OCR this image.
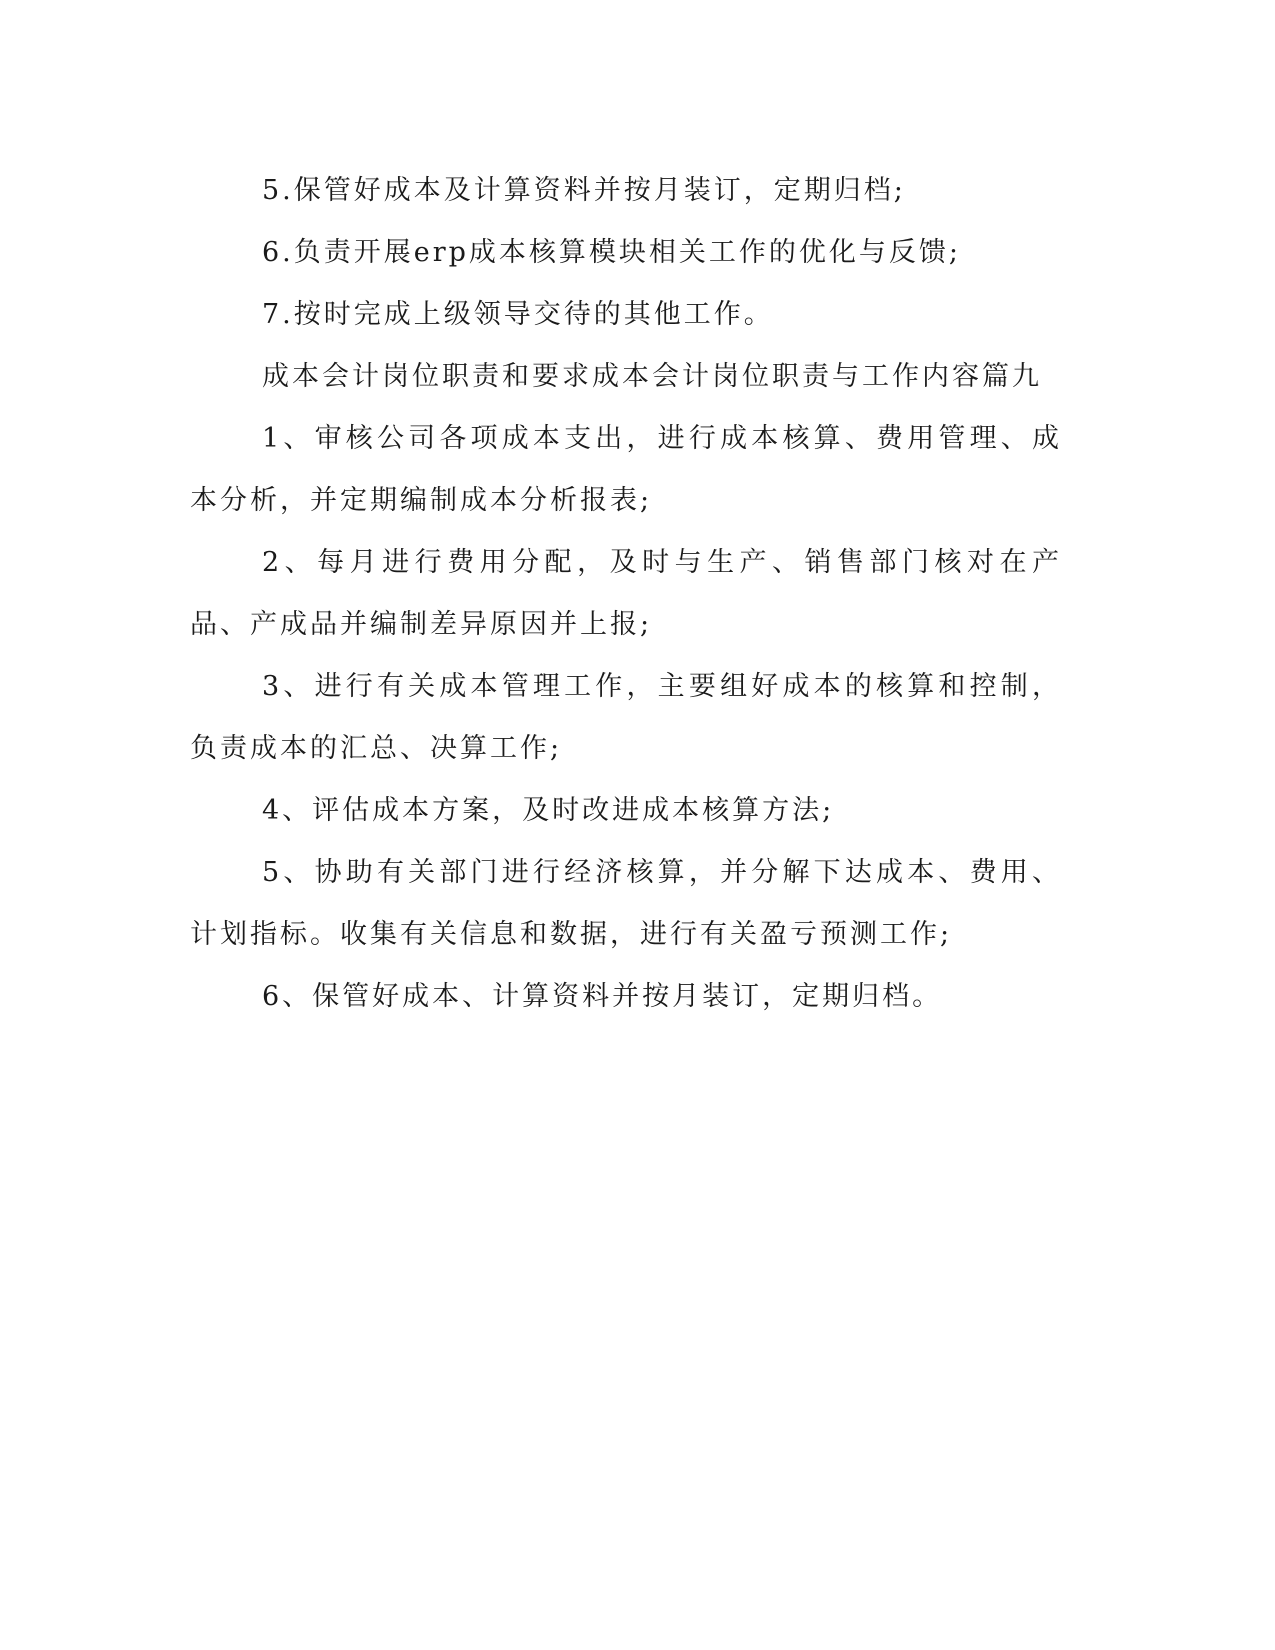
5.保管好成本及计算资料并按月装订，定期归档;

6.负责开展erp成本核算模块相关工作的优化与反馈;

7.按时完成上级领导交待的其他工作。

成本会计岗位职责和要求成本会计岗位职责与工作内容篇九

1、审核公司各项成本支出，进行成本核算、费用管理、成本分析，并定期编制成本分析报表;

2、每月进行费用分配，及时与生产、销售部门核对在产品、产成品并编制差异原因并上报;

3、进行有关成本管理工作，主要组好成本的核算和控制，负责成本的汇总、决算工作;

4、评估成本方案，及时改进成本核算方法;

5、协助有关部门进行经济核算，并分解下达成本、费用、计划指标。收集有关信息和数据，进行有关盈亏预测工作;

6、保管好成本、计算资料并按月装订，定期归档。
